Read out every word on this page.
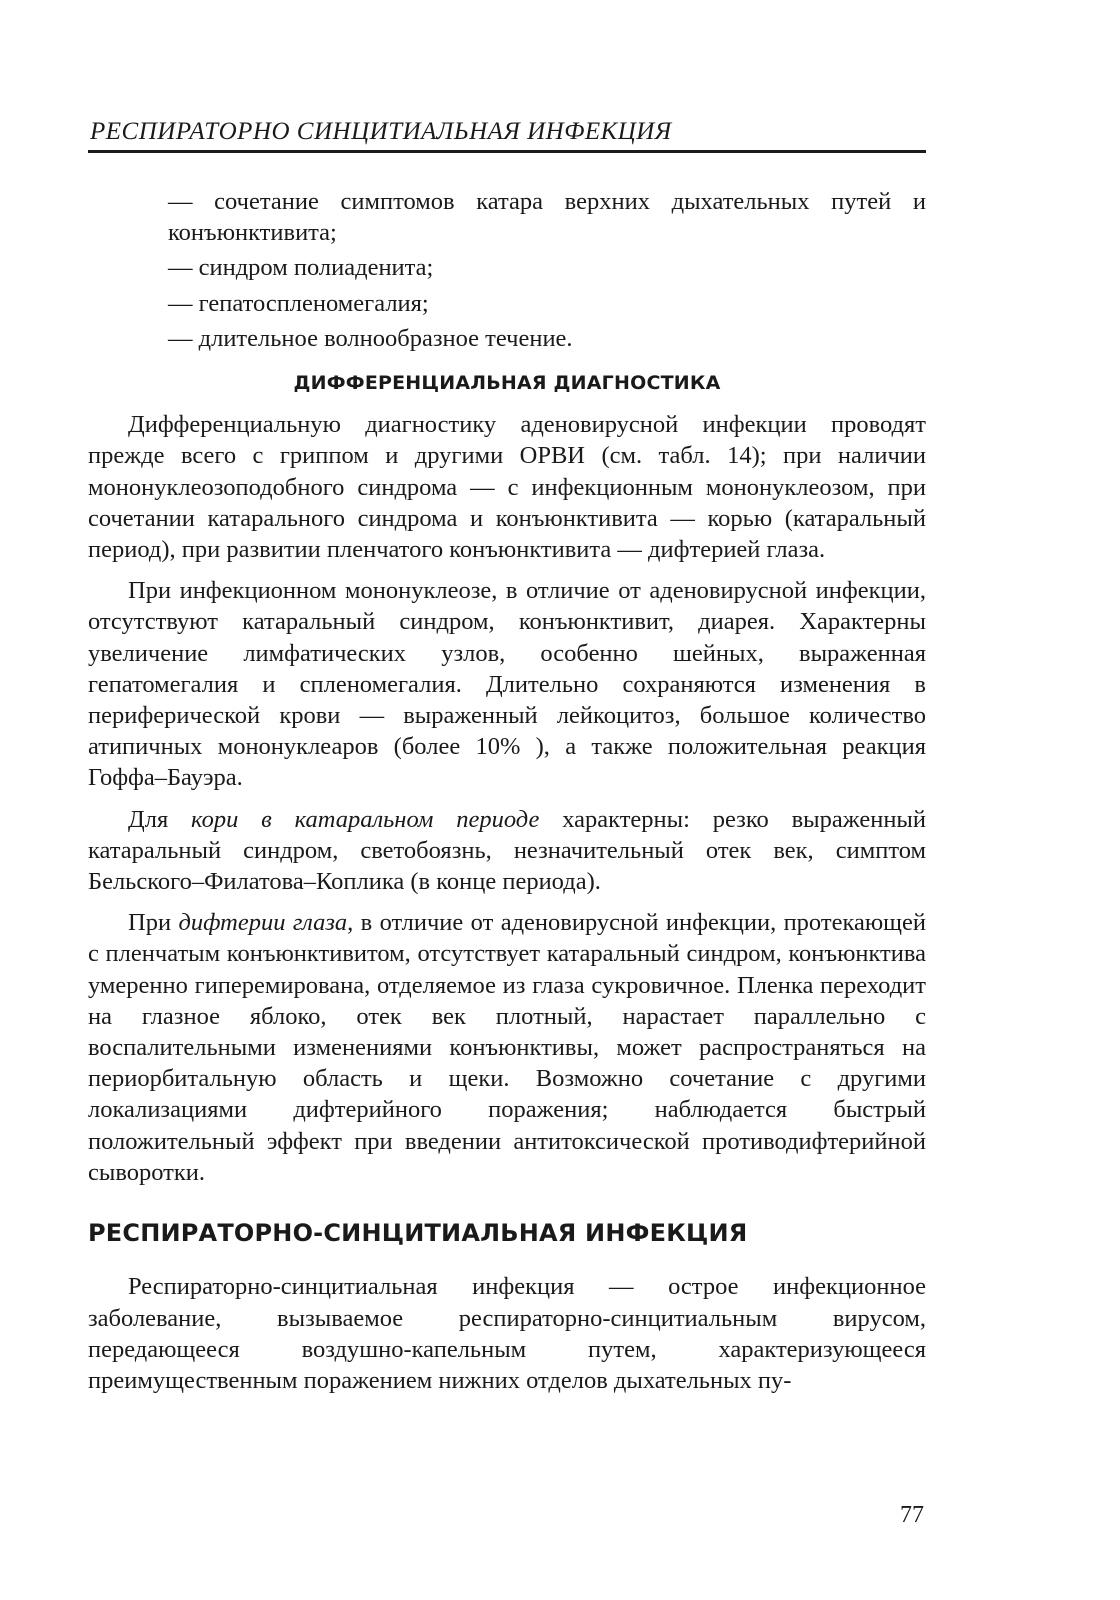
РЕСПИРАТОРНО СИНЦИТИАЛЬНАЯ ИНФЕКЦИЯ
— сочетание симптомов катара верхних дыхательных путей и конъюнктивита;
— синдром полиаденита;
— гепатоспленомегалия;
— длительное волнообразное течение.
ДИФФЕРЕНЦИАЛЬНАЯ ДИАГНОСТИКА

Дифференциальную диагностику аденовирусной инфекции проводят прежде всего с гриппом и другими ОРВИ (см. табл. 14); при наличии мононуклеозоподобного синдрома — с инфекционным мононуклеозом, при сочетании катарального синдрома и конъюнктивита — корью (катаральный период), при развитии пленчатого конъюнктивита — дифтерией глаза.

При инфекционном мононуклеозе, в отличие от аденовирусной инфекции, отсутствуют катаральный синдром, конъюнктивит, диарея. Характерны увеличение лимфатических узлов, особенно шейных, выраженная гепатомегалия и спленомегалия. Длительно сохраняются изменения в периферической крови — выраженный лейкоцитоз, большое количество атипичных мононуклеаров (более 10% ), а также положительная реакция Гоффа–Бауэра.

Для кори в катаральном периоде характерны: резко выраженный катаральный синдром, светобоязнь, незначительный отек век, симптом Бельского–Филатова–Коплика (в конце периода).

При дифтерии глаза, в отличие от аденовирусной инфекции, протекающей с пленчатым конъюнктивитом, отсутствует катаральный синдром, конъюнктива умеренно гиперемирована, отделяемое из глаза сукровичное. Пленка переходит на глазное яблоко, отек век плотный, нарастает параллельно с воспалительными изменениями конъюнктивы, может распространяться на периорбитальную область и щеки. Возможно сочетание с другими локализациями дифтерийного поражения; наблюдается быстрый положительный эффект при введении антитоксической противодифтерийной сыворотки.

РЕСПИРАТОРНО-СИНЦИТИАЛЬНАЯ ИНФЕКЦИЯ

Респираторно-синцитиальная инфекция — острое инфекционное заболевание, вызываемое респираторно-синцитиальным вирусом, передающееся воздушно-капельным путем, характеризующееся преимущественным поражением нижних отделов дыхательных пу-

77
